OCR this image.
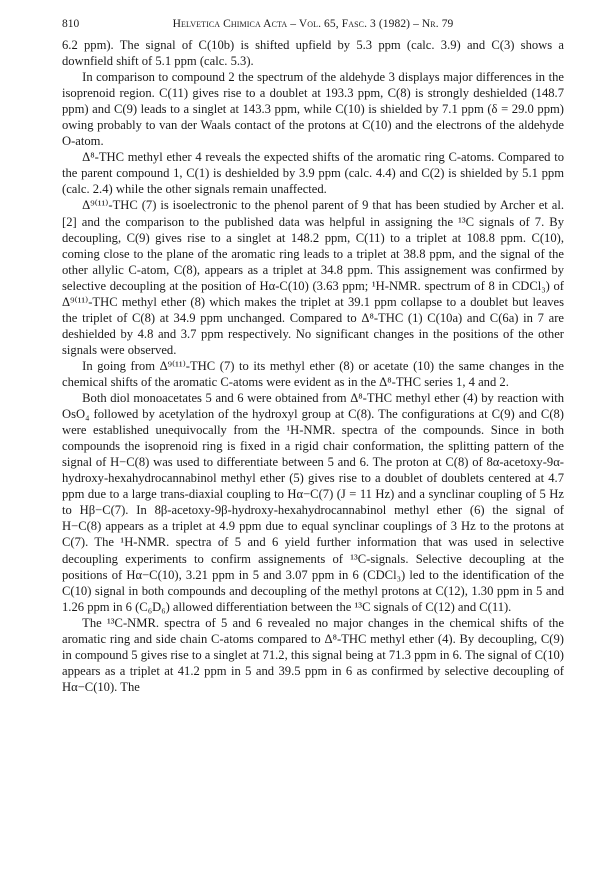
810	Helvetica Chimica Acta – Vol. 65, Fasc. 3 (1982) – Nr. 79

6.2 ppm). The signal of C(10b) is shifted upfield by 5.3 ppm (calc. 3.9) and C(3) shows a downfield shift of 5.1 ppm (calc. 5.3).

In comparison to compound 2 the spectrum of the aldehyde 3 displays major differences in the isoprenoid region. C(11) gives rise to a doublet at 193.3 ppm, C(8) is strongly deshielded (148.7 ppm) and C(9) leads to a singlet at 143.3 ppm, while C(10) is shielded by 7.1 ppm (δ = 29.0 ppm) owing probably to van der Waals contact of the protons at C(10) and the electrons of the aldehyde O-atom.

Δ⁸-THC methyl ether 4 reveals the expected shifts of the aromatic ring C-atoms. Compared to the parent compound 1, C(1) is deshielded by 3.9 ppm (calc. 4.4) and C(2) is shielded by 5.1 ppm (calc. 2.4) while the other signals remain unaffected.

Δ⁹⁽¹¹⁾-THC (7) is isoelectronic to the phenol parent of 9 that has been studied by Archer et al. [2] and the comparison to the published data was helpful in assigning the ¹³C signals of 7. By decoupling, C(9) gives rise to a singlet at 148.2 ppm, C(11) to a triplet at 108.8 ppm. C(10), coming close to the plane of the aromatic ring leads to a triplet at 38.8 ppm, and the signal of the other allylic C-atom, C(8), appears as a triplet at 34.8 ppm. This assignement was confirmed by selective decoupling at the position of Hα-C(10) (3.63 ppm; ¹H-NMR. spectrum of 8 in CDCl₃) of Δ⁹⁽¹¹⁾-THC methyl ether (8) which makes the triplet at 39.1 ppm collapse to a doublet but leaves the triplet of C(8) at 34.9 ppm unchanged. Compared to Δ⁸-THC (1) C(10a) and C(6a) in 7 are deshielded by 4.8 and 3.7 ppm respectively. No significant changes in the positions of the other signals were observed.

In going from Δ⁹⁽¹¹⁾-THC (7) to its methyl ether (8) or acetate (10) the same changes in the chemical shifts of the aromatic C-atoms were evident as in the Δ⁸-THC series 1, 4 and 2.

Both diol monoacetates 5 and 6 were obtained from Δ⁸-THC methyl ether (4) by reaction with OsO₄ followed by acetylation of the hydroxyl group at C(8). The configurations at C(9) and C(8) were established unequivocally from the ¹H-NMR. spectra of the compounds. Since in both compounds the isoprenoid ring is fixed in a rigid chair conformation, the splitting pattern of the signal of H−C(8) was used to differentiate between 5 and 6. The proton at C(8) of 8α-acetoxy-9α-hydroxy-hexahydrocannabinol methyl ether (5) gives rise to a doublet of doublets centered at 4.7 ppm due to a large trans-diaxial coupling to Hα−C(7) (J = 11 Hz) and a synclinar coupling of 5 Hz to Hβ−C(7). In 8β-acetoxy-9β-hydroxy-hexahydrocannabinol methyl ether (6) the signal of H−C(8) appears as a triplet at 4.9 ppm due to equal synclinar couplings of 3 Hz to the protons at C(7). The ¹H-NMR. spectra of 5 and 6 yield further information that was used in selective decoupling experiments to confirm assignements of ¹³C-signals. Selective decoupling at the positions of Hα−C(10), 3.21 ppm in 5 and 3.07 ppm in 6 (CDCl₃) led to the identification of the C(10) signal in both compounds and decoupling of the methyl protons at C(12), 1.30 ppm in 5 and 1.26 ppm in 6 (C₆D₆) allowed differentiation between the ¹³C signals of C(12) and C(11).

The ¹³C-NMR. spectra of 5 and 6 revealed no major changes in the chemical shifts of the aromatic ring and side chain C-atoms compared to Δ⁸-THC methyl ether (4). By decoupling, C(9) in compound 5 gives rise to a singlet at 71.2, this signal being at 71.3 ppm in 6. The signal of C(10) appears as a triplet at 41.2 ppm in 5 and 39.5 ppm in 6 as confirmed by selective decoupling of Hα−C(10). The
